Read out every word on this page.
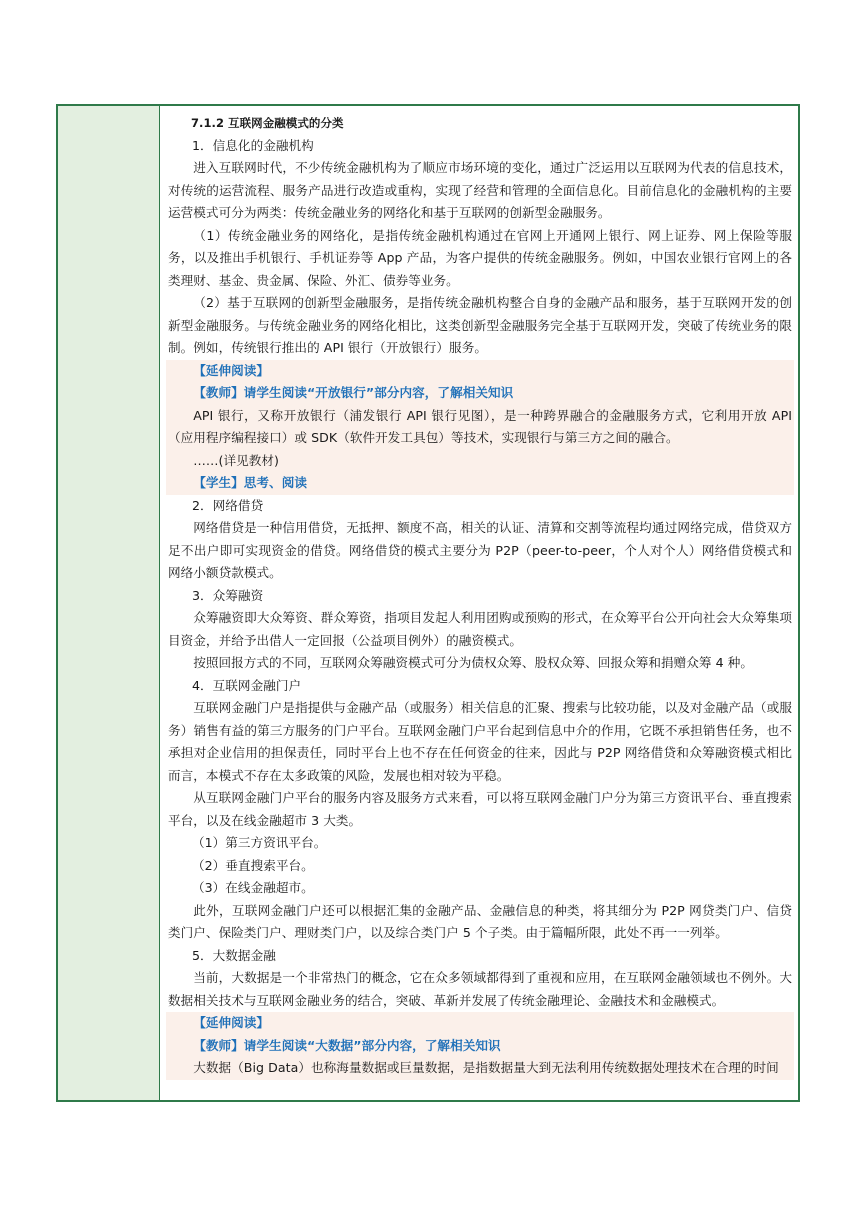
7.1.2 互联网金融模式的分类

1．信息化的金融机构

进入互联网时代，不少传统金融机构为了顺应市场环境的变化，通过广泛运用以互联网为代表的信息技术，对传统的运营流程、服务产品进行改造或重构，实现了经营和管理的全面信息化。目前信息化的金融机构的主要运营模式可分为两类：传统金融业务的网络化和基于互联网的创新型金融服务。

（1）传统金融业务的网络化，是指传统金融机构通过在官网上开通网上银行、网上证券、网上保险等服务，以及推出手机银行、手机证券等 App 产品，为客户提供的传统金融服务。例如，中国农业银行官网上的各类理财、基金、贵金属、保险、外汇、债券等业务。

（2）基于互联网的创新型金融服务，是指传统金融机构整合自身的金融产品和服务，基于互联网开发的创新型金融服务。与传统金融业务的网络化相比，这类创新型金融服务完全基于互联网开发，突破了传统业务的限制。例如，传统银行推出的 API 银行（开放银行）服务。

【延伸阅读】

【教师】请学生阅读“开放银行”部分内容，了解相关知识

API 银行，又称开放银行（浦发银行 API 银行见图），是一种跨界融合的金融服务方式，它利用开放 API（应用程序编程接口）或 SDK（软件开发工具包）等技术，实现银行与第三方之间的融合。

……(详见教材)

【学生】思考、阅读

2．网络借贷

网络借贷是一种信用借贷，无抵押、额度不高，相关的认证、清算和交割等流程均通过网络完成，借贷双方足不出户即可实现资金的借贷。网络借贷的模式主要分为 P2P（peer-to-peer，个人对个人）网络借贷模式和网络小额贷款模式。

3．众筹融资

众筹融资即大众筹资、群众筹资，指项目发起人利用团购或预购的形式，在众筹平台公开向社会大众筹集项目资金，并给予出借人一定回报（公益项目例外）的融资模式。

按照回报方式的不同，互联网众筹融资模式可分为债权众筹、股权众筹、回报众筹和捐赠众筹 4 种。

4．互联网金融门户

互联网金融门户是指提供与金融产品（或服务）相关信息的汇聚、搜索与比较功能，以及对金融产品（或服务）销售有益的第三方服务的门户平台。互联网金融门户平台起到信息中介的作用，它既不承担销售任务，也不承担对企业信用的担保责任，同时平台上也不存在任何资金的往来，因此与 P2P 网络借贷和众筹融资模式相比而言，本模式不存在太多政策的风险，发展也相对较为平稳。

从互联网金融门户平台的服务内容及服务方式来看，可以将互联网金融门户分为第三方资讯平台、垂直搜索平台，以及在线金融超市 3 大类。

（1）第三方资讯平台。

（2）垂直搜索平台。

（3）在线金融超市。

此外，互联网金融门户还可以根据汇集的金融产品、金融信息的种类，将其细分为 P2P 网贷类门户、信贷类门户、保险类门户、理财类门户，以及综合类门户 5 个子类。由于篇幅所限，此处不再一一列举。

5．大数据金融

当前，大数据是一个非常热门的概念，它在众多领域都得到了重视和应用，在互联网金融领域也不例外。大数据相关技术与互联网金融业务的结合，突破、革新并发展了传统金融理论、金融技术和金融模式。

【延伸阅读】

【教师】请学生阅读“大数据”部分内容，了解相关知识

大数据（Big Data）也称海量数据或巨量数据，是指数据量大到无法利用传统数据处理技术在合理的时间
